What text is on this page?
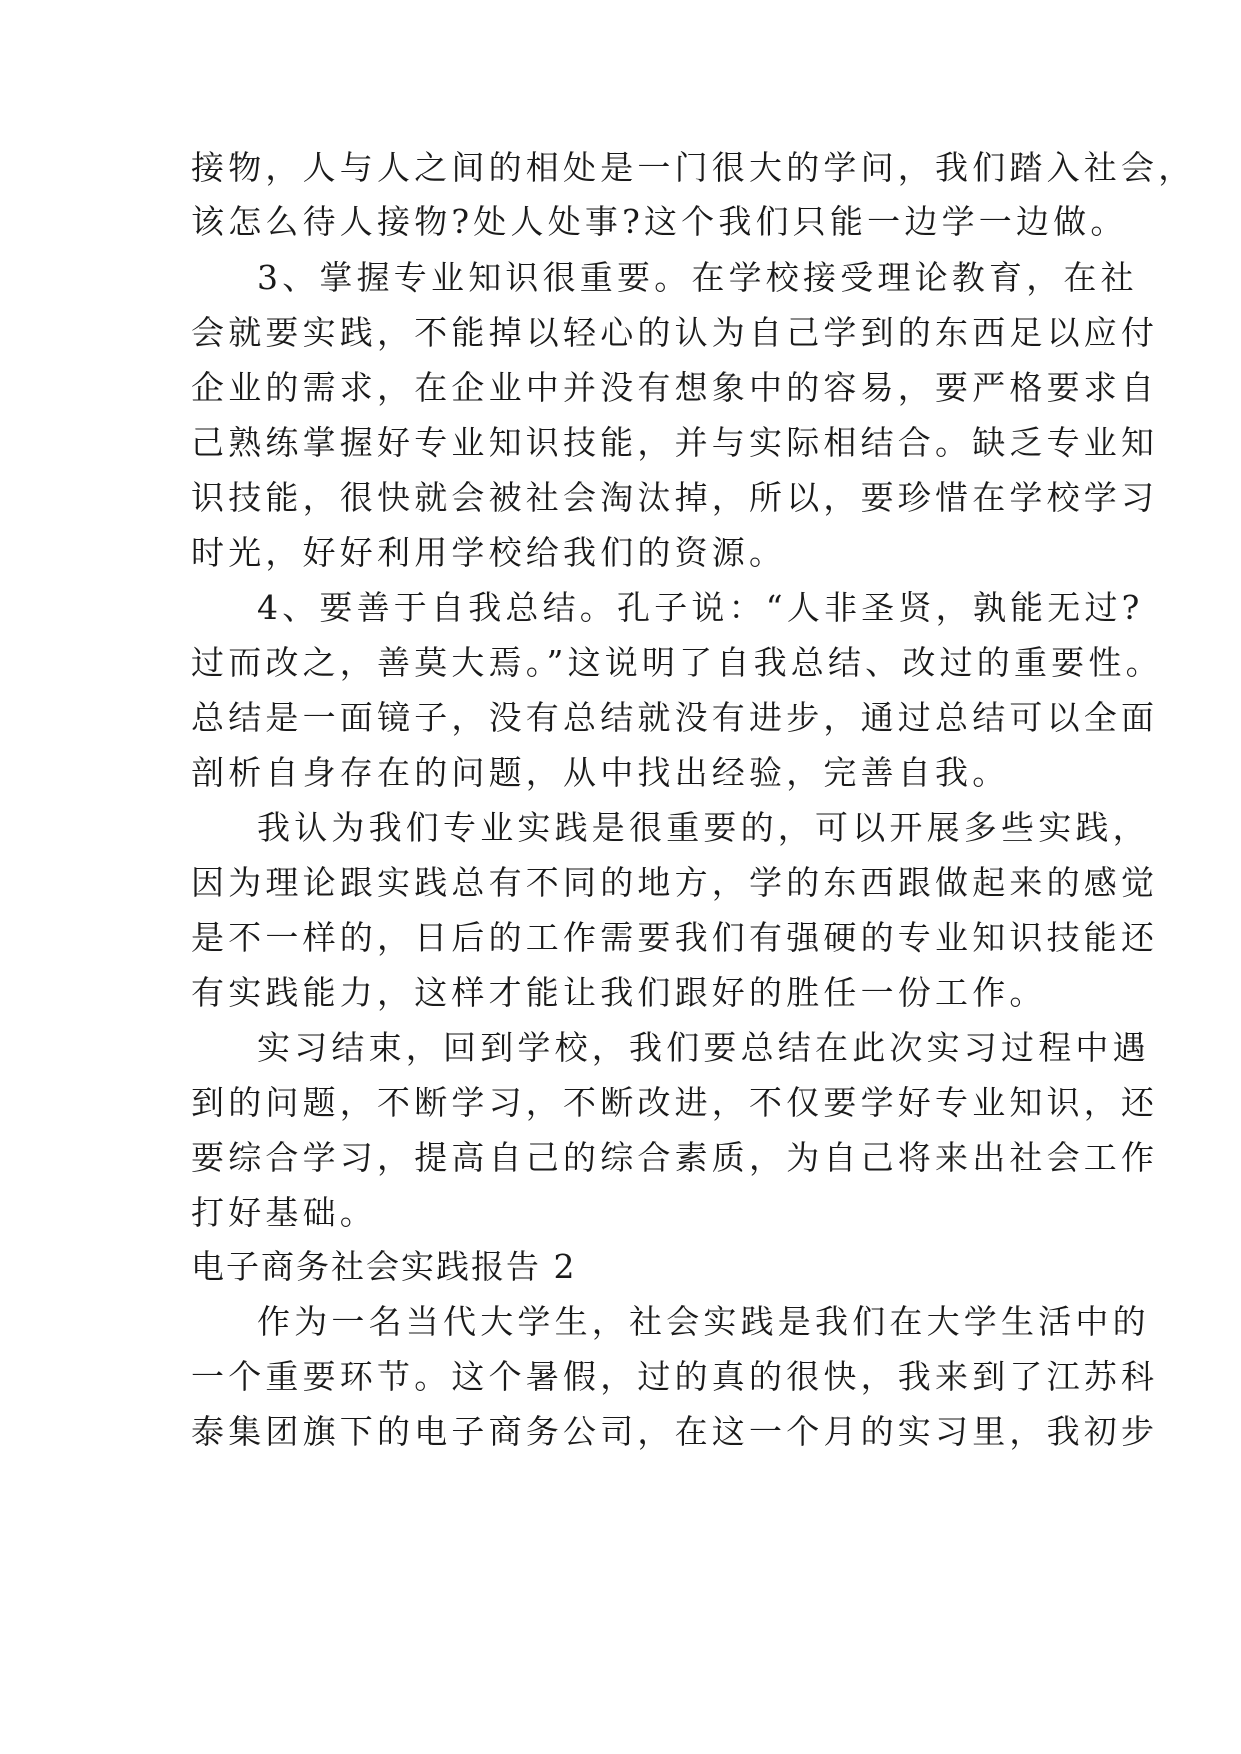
接物，人与人之间的相处是一门很大的学问，我们踏入社会，
该怎么待人接物?处人处事?这个我们只能一边学一边做。
3、掌握专业知识很重要。在学校接受理论教育，在社
会就要实践，不能掉以轻心的认为自己学到的东西足以应付
企业的需求，在企业中并没有想象中的容易，要严格要求自
己熟练掌握好专业知识技能，并与实际相结合。缺乏专业知
识技能，很快就会被社会淘汰掉，所以，要珍惜在学校学习
时光，好好利用学校给我们的资源。
4、要善于自我总结。孔子说：“人非圣贤，孰能无过?
过而改之，善莫大焉。”这说明了自我总结、改过的重要性。
总结是一面镜子，没有总结就没有进步，通过总结可以全面
剖析自身存在的问题，从中找出经验，完善自我。
我认为我们专业实践是很重要的，可以开展多些实践，
因为理论跟实践总有不同的地方，学的东西跟做起来的感觉
是不一样的，日后的工作需要我们有强硬的专业知识技能还
有实践能力，这样才能让我们跟好的胜任一份工作。
实习结束，回到学校，我们要总结在此次实习过程中遇
到的问题，不断学习，不断改进，不仅要学好专业知识，还
要综合学习，提高自己的综合素质，为自己将来出社会工作
打好基础。
电子商务社会实践报告 2
作为一名当代大学生，社会实践是我们在大学生活中的
一个重要环节。这个暑假，过的真的很快，我来到了江苏科
泰集团旗下的电子商务公司，在这一个月的实习里，我初步
